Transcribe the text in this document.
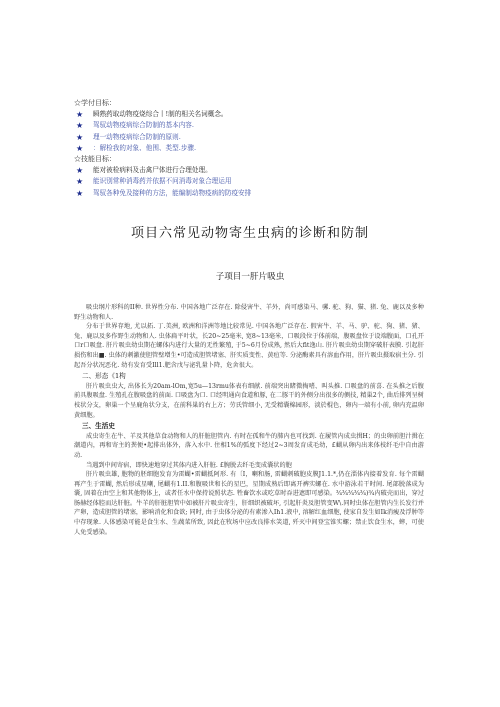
☆学付目标：
★	瞬熟药取动物疫烧综合丨!制的相关名词概念。
★	驾驭动物疫病综合防制的基本内容.
★	理一动物疫病综合防制的原则.
★	：解检我的对象、他围、类型.步骤.
☆技能目标：
★	能对被检病料及击禽尸体进行合理处理。
★	能识别常种消毒药并依据不问消毒对象合理运用
★	驾驭各种免及接种的方法，能编制动物疫病的防疫安排
项目六常见动物寄生虫病的诊断和防制
子项目一肝片吸虫

吸虫纲片形科的II种. 世界性分布. 中国各地广泛存在. 除侵害牛、羊外，尚可感染马、骡. 驼、狗、猫、猪. 兔、鹿以及多种野生动物和人.

分布于世界存地, 尤以拓. 丁.美洲, 欧洲和洋洲等地比较常见. 中国各地广泛存在. 假害牛、羊、马、驴、驼、狗、猪、猪、兔、鹿以及多作野生动物和人. 虫体扁平叶状，长20~25毫米, 宽8~13毫米，口吸段位于体前端，腹吸盘位于设端腹面，口孔开口r口吸盘. 肝片吸虫幼虫期在螺体内进行大量的无性繁殖, 于5~6月份成熟, 然后大fit逸山. 肝片吸虫幼虫期穿破肝表膜. 引起肝损伤和出■. 虫体的刺激使胆管壁增生•可造成胆管堵塞、肝实质变性、黄疸等. 分泌酶素具有溶血作用，肝片吸虫摄取宿主分. 引起吾分状况恶化. 幼有发育受Ill1.肥含戊与泌乳量卜降，危舍很大。

二、形态《1构

肝片吸虫虫大, 出体长为20am-lOm,宽5u—13rmu体表有细献. 前端突出睹微掏嗜、叫头推. 口吸盘的前喜. 在头推之后腹前具腹吸盘. 生殖孔在腹吸盘的前面. 口吸盘为口. 口经明通向食道和豚, 在二豚干的外侧分出很多的侧技, 精巢2个, 曲后排列呈树枝状分支，卵巢一个呈鹿角状分支，在前科巢的右上方；劳氏管细小, 无受精囊棉园形，淡於棍色，卵内一端有小前, 卵内充温卵黄细胞。

三、生活史

成虫寄生在牛、羊及其他草食动物和人的肝脏胆管内. 有时在孤和牛的肺内也可找到. 在履管内成虫揖H；的虫卵前胆汁揖在潮道内，再和寄主的粪便•起排出体外，落入水中. 住相1%的弧度下经过2~3周发育成毛幼，£蝴从卵内出来体枝纤毛中自由游动.

当遇到中间寄宿，即快速地穿过其体内进入肝脏. £腕脱去纤毛变成囊状的胞

肝片吸虫雄, 胞物的胚细胞发育为雷蝴•雷蝴抵阿形. 有〔I，喇和肠, 雷蝴刺破胞皮膜J1.1.*,仍在淄体内接着发育. 每个雷蝴再产生于雷蝴, 然后形成星喇, 尾蝴有1.II.和腹吸世和长的星巴，星期成熟后即离开裤实螺在. 水中游泳若干时间. 尾部脱落成为囊, 固着在由空上和其他物体上，或者任水中保持说照状态. 牲畜饮水或吃草时吞进遮即可感染。¾¾¾¾¾)¾内破壳而出，穿过肠赫经体腔而达肝脏。牛羊的肝脏胆管中如被肝片吸虫寄生，肝细织被破坏, 引起肝炎及胆管变W\.同时虫体在胆管内生长发行并产卵，造成胆管的堵塞，影响消化和食欲; 同时, 由于虫体分泌的有素渗入Ih1.液中, 溶解红血细胞, 使家自发生如Ik消瘦及浮肿等中存现象. 人体感染可能是食生水、生蔬菜所致, 因此在牧场中应改良排水笑道, 歼灭中间登宝锥实螺；禁止饮食生水，蟀，可使人免受感染。
